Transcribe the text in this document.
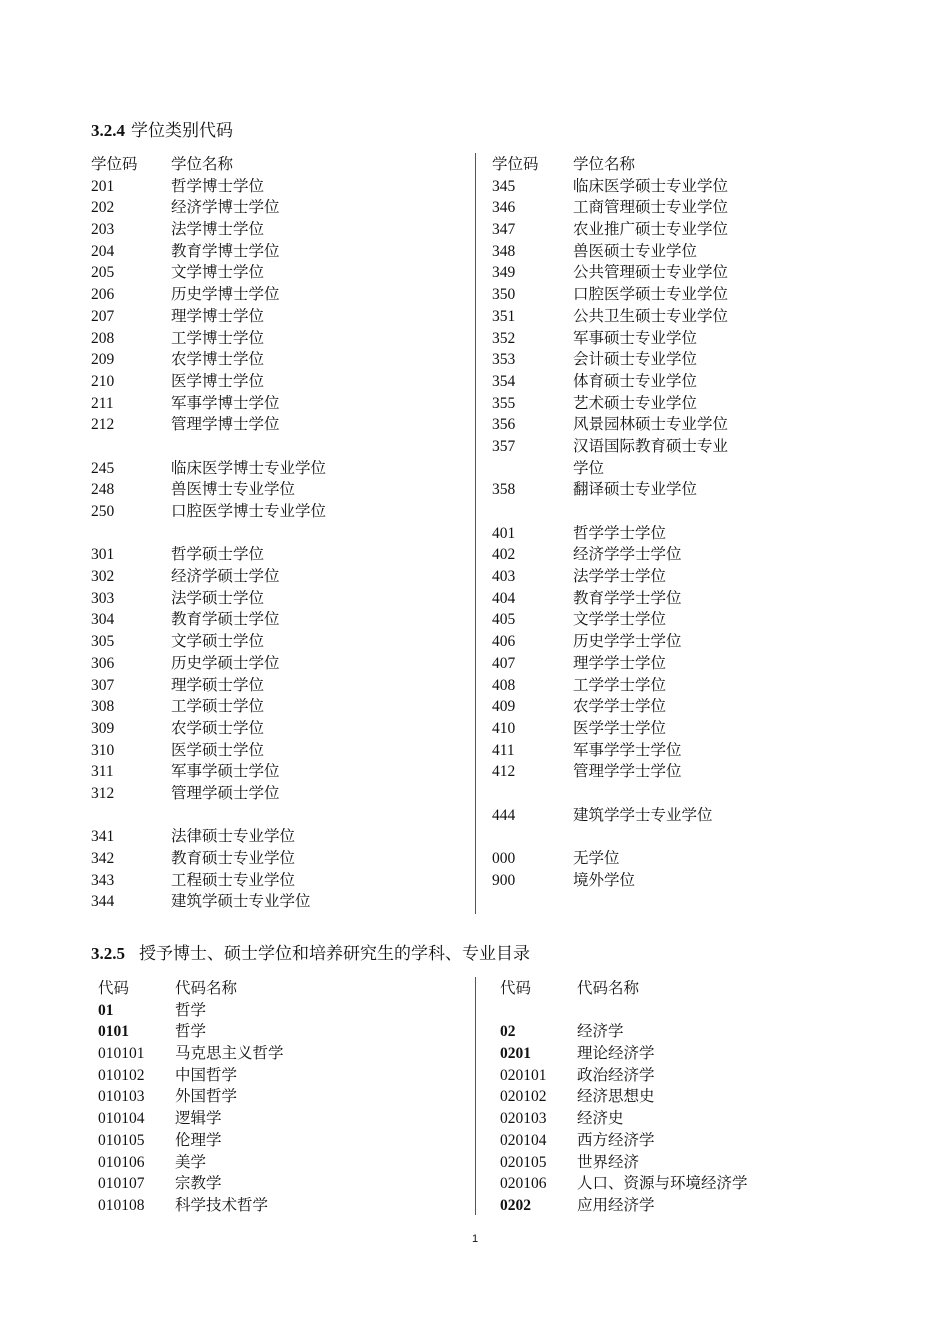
3.2.4 学位类别代码
学位码 学位名称
201	哲学博士学位
202	经济学博士学位
203	法学博士学位
204	教育学博士学位
205	文学博士学位
206	历史学博士学位
207	理学博士学位
208	工学博士学位
209	农学博士学位
210	医学博士学位
211	军事学博士学位
212	管理学博士学位
245	临床医学博士专业学位
248	兽医博士专业学位
250	口腔医学博士专业学位
301	哲学硕士学位
302	经济学硕士学位
303	法学硕士学位
304	教育学硕士学位
305	文学硕士学位
306	历史学硕士学位
307	理学硕士学位
308	工学硕士学位
309	农学硕士学位
310	医学硕士学位
311	军事学硕士学位
312	管理学硕士学位
341	法律硕士专业学位
342	教育硕士专业学位
343	工程硕士专业学位
344	建筑学硕士专业学位
学位码 学位名称
345	临床医学硕士专业学位
346	工商管理硕士专业学位
347	农业推广硕士专业学位
348	兽医硕士专业学位
349	公共管理硕士专业学位
350	口腔医学硕士专业学位
351	公共卫生硕士专业学位
352	军事硕士专业学位
353	会计硕士专业学位
354	体育硕士专业学位
355	艺术硕士专业学位
356	风景园林硕士专业学位
357	汉语国际教育硕士专业
学位
358	翻译硕士专业学位
401	哲学学士学位
402	经济学学士学位
403	法学学士学位
404	教育学学士学位
405	文学学士学位
406	历史学学士学位
407	理学学士学位
408	工学学士学位
409	农学学士学位
410	医学学士学位
411	军事学学士学位
412	管理学学士学位
444	建筑学学士专业学位
000	无学位
900	境外学位
3.2.5 授予博士、硕士学位和培养研究生的学科、专业目录
代码	代码名称
01	哲学
0101	哲学
010101 马克思主义哲学
010102 中国哲学
010103 外国哲学
010104 逻辑学
010105 伦理学
010106 美学
010107 宗教学
010108 科学技术哲学
代码	代码名称
02	经济学
0201	理论经济学
020101 政治经济学
020102 经济思想史
020103 经济史
020104 西方经济学
020105 世界经济
020106 人口、资源与环境经济学
0202	应用经济学
1
